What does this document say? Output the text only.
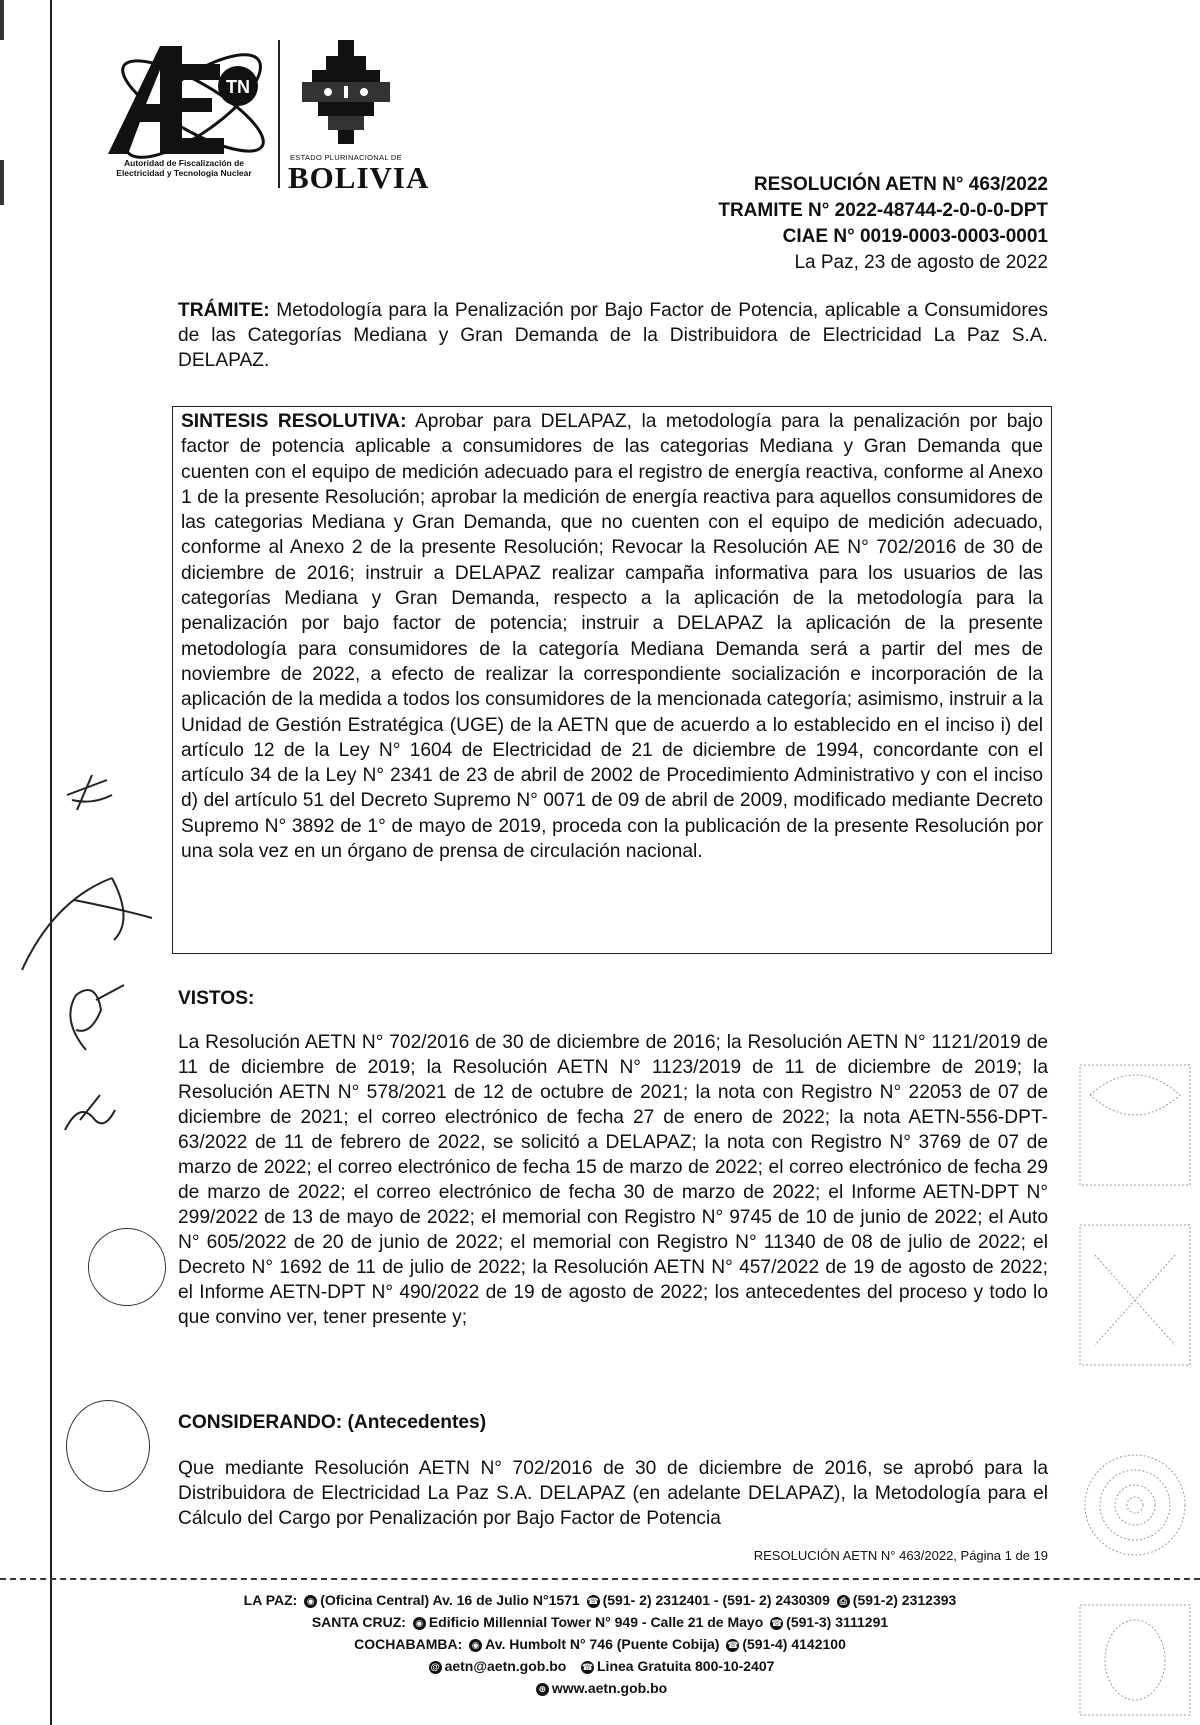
TN
Autoridad de Fiscalización de
Electricidad y Tecnología Nuclear
ESTADO PLURINACIONAL DE
BOLIVIA	RESOLUCIÓN AETN N° 463/2022
TRAMITE N° 2022-48744-2-0-0-0-DPT
CIAE N° 0019-0003-0003-0001
La Paz, 23 de agosto de 2022
TRÁMITE: Metodología para la Penalización por Bajo Factor de Potencia, aplicable a Consumidores de las Categorías Mediana y Gran Demanda de la Distribuidora de Electricidad La Paz S.A. DELAPAZ.
SINTESIS RESOLUTIVA: Aprobar para DELAPAZ, la metodología para la penalización por bajo factor de potencia aplicable a consumidores de las categorias Mediana y Gran Demanda que cuenten con el equipo de medición adecuado para el registro de energía reactiva, conforme al Anexo 1 de la presente Resolución; aprobar la medición de energía reactiva para aquellos consumidores de las categorias Mediana y Gran Demanda, que no cuenten con el equipo de medición adecuado, conforme al Anexo 2 de la presente Resolución; Revocar la Resolución AE N° 702/2016 de 30 de diciembre de 2016; instruir a DELAPAZ realizar campaña informativa para los usuarios de las categorías Mediana y Gran Demanda, respecto a la aplicación de la metodología para la penalización por bajo factor de potencia; instruir a DELAPAZ la aplicación de la presente metodología para consumidores de la categoría Mediana Demanda será a partir del mes de noviembre de 2022, a efecto de realizar la correspondiente socialización e incorporación de la aplicación de la medida a todos los consumidores de la mencionada categoría; asimismo, instruir a la Unidad de Gestión Estratégica (UGE) de la AETN que de acuerdo a lo establecido en el inciso i) del artículo 12 de la Ley N° 1604 de Electricidad de 21 de diciembre de 1994, concordante con el artículo 34 de la Ley N° 2341 de 23 de abril de 2002 de Procedimiento Administrativo y con el inciso d) del artículo 51 del Decreto Supremo N° 0071 de 09 de abril de 2009, modificado mediante Decreto Supremo N° 3892 de 1° de mayo de 2019, proceda con la publicación de la presente Resolución por una sola vez en un órgano de prensa de circulación nacional.
VISTOS:
La Resolución AETN N° 702/2016 de 30 de diciembre de 2016; la Resolución AETN N° 1121/2019 de 11 de diciembre de 2019; la Resolución AETN N° 1123/2019 de 11 de diciembre de 2019; la Resolución AETN N° 578/2021 de 12 de octubre de 2021; la nota con Registro N° 22053 de 07 de diciembre de 2021; el correo electrónico de fecha 27 de enero de 2022; la nota AETN-556-DPT-63/2022 de 11 de febrero de 2022, se solicitó a DELAPAZ; la nota con Registro N° 3769 de 07 de marzo de 2022; el correo electrónico de fecha 15 de marzo de 2022; el correo electrónico de fecha 29 de marzo de 2022; el correo electrónico de fecha 30 de marzo de 2022; el Informe AETN-DPT N° 299/2022 de 13 de mayo de 2022; el memorial con Registro N° 9745 de 10 de junio de 2022; el Auto N° 605/2022 de 20 de junio de 2022; el memorial con Registro N° 11340 de 08 de julio de 2022; el Decreto N° 1692 de 11 de julio de 2022; la Resolución AETN N° 457/2022 de 19 de agosto de 2022; el Informe AETN-DPT N° 490/2022 de 19 de agosto de 2022; los antecedentes del proceso y todo lo que convino ver, tener presente y;
CONSIDERANDO: (Antecedentes)
Que mediante Resolución AETN N° 702/2016 de 30 de diciembre de 2016, se aprobó para la Distribuidora de Electricidad La Paz S.A. DELAPAZ (en adelante DELAPAZ), la Metodología para el Cálculo del Cargo por Penalización por Bajo Factor de Potencia
RESOLUCIÓN AETN N° 463/2022, Página 1 de 19
LA PAZ: ◉ (Oficina Central) Av. 16 de Julio N°1571 ☎ (591- 2) 2312401 - (591- 2) 2430309 ⎙ (591-2) 2312393
SANTA CRUZ: ◉ Edificio Millennial Tower N° 949 - Calle 21 de Mayo ☎ (591-3) 3111291
COCHABAMBA: ◉ Av. Humbolt N° 746 (Puente Cobija) ☎ (591-4) 4142100
@ aetn@aetn.gob.bo ☎ Linea Gratuita 800-10-2407
⊕ www.aetn.gob.bo
